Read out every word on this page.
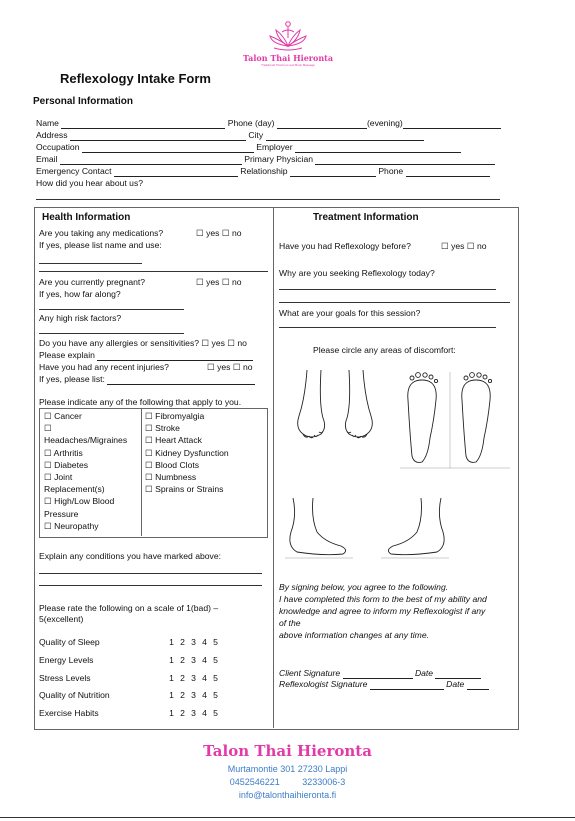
Talon Thai Hieronta
Traditional Thai Foot and Body Massage
Reflexology Intake Form
Personal Information
Name	Phone (day)	(evening)
Address	City
Occupation	Employer
Email	Primary Physician
Emergency Contact	Relationship	Phone
How did you hear about us?
Health Information
Are you taking any medications? ☐	yes ☐ no
If yes, please list name and use:
Are you currently pregnant? ☐	yes ☐ no
If yes, how far along?
Any high risk factors?
Do you have any allergies or sensitivities? ☐ yes ☐ no
Please explain
Have you had any recent injuries? ☐	yes ☐ no
If yes, please list:
Please indicate any of the following that apply to you.
☐ Cancer
☐
Headaches/Migraines
☐ Arthritis
☐ Diabetes
☐ Joint
Replacement(s)
☐ High/Low Blood
Pressure
☐ Neuropathy
☐ Fibromyalgia
☐ Stroke
☐ Heart Attack
☐ Kidney Dysfunction
☐ Blood Clots
☐ Numbness
☐ Sprains or Strains
Explain any conditions you have marked above:
Please rate the following on a scale of 1(bad) –
5(excellent)
Quality of Sleep	1 2 3 4 5
Energy Levels	1 2 3 4 5
Stress Levels	1 2 3 4 5
Quality of Nutrition	1 2 3 4 5
Exercise Habits	1 2 3 4 5
Treatment Information
Have you had Reflexology before? ☐	yes ☐ no
Why are you seeking Reflexology today?
What are your goals for this session?
Please circle any areas of discomfort:
By signing below, you agree to the following.
I have completed this form to the best of my ability and
knowledge and agree to inform my Reflexologist if any
of the
above information changes at any time.
Client Signature	Date
Reflexologist Signature	Date
Talon Thai Hieronta
Murtamontie 301 27230 Lappi
0452546221	3233006-3
info@talonthaihieronta.fi
